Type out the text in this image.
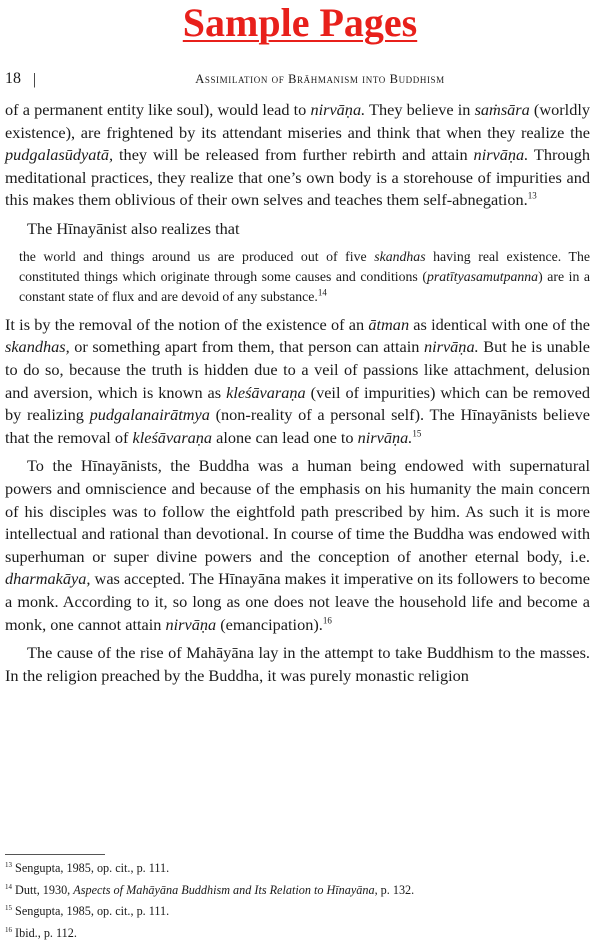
Sample Pages
18 |	Assimilation of Brāhmanism into Buddhism

of a permanent entity like soul), would lead to nirvāṇa. They believe in saṁsāra (worldly existence), are frightened by its attendant miseries and think that when they realize the pudgalasūdyatā, they will be released from further rebirth and attain nirvāṇa. Through meditational practices, they realize that one’s own body is a storehouse of impurities and this makes them oblivious of their own selves and teaches them self-abnegation.$^{13}$

The Hīnayānist also realizes that

the world and things around us are produced out of five skandhas having real existence. The constituted things which originate through some causes and conditions (pratītyasamutpanna) are in a constant state of flux and are devoid of any substance.$^{14}$

It is by the removal of the notion of the existence of an ātman as identical with one of the skandhas, or something apart from them, that person can attain nirvāṇa. But he is unable to do so, because the truth is hidden due to a veil of passions like attachment, delusion and aversion, which is known as kleśāvaraṇa (veil of impurities) which can be removed by realizing pudgalanairātmya (non-reality of a personal self). The Hīnayānists believe that the removal of kleśāvaraṇa alone can lead one to nirvāṇa.$^{15}$

To the Hīnayānists, the Buddha was a human being endowed with supernatural powers and omniscience and because of the emphasis on his humanity the main concern of his disciples was to follow the eightfold path prescribed by him. As such it is more intellectual and rational than devotional. In course of time the Buddha was endowed with superhuman or super divine powers and the conception of another eternal body, i.e. dharmakāya, was accepted. The Hīnayāna makes it imperative on its followers to become a monk. According to it, so long as one does not leave the household life and become a monk, one cannot attain nirvāṇa (emancipation).$^{16}$

The cause of the rise of Mahāyāna lay in the attempt to take Buddhism to the masses. In the religion preached by the Buddha, it was purely monastic religion

$^{13}$ Sengupta, 1985, op. cit., p. 111.
$^{14}$ Dutt, 1930, Aspects of Mahāyāna Buddhism and Its Relation to Hīnayāna, p. 132.
$^{15}$ Sengupta, 1985, op. cit., p. 111.
$^{16}$ Ibid., p. 112.
